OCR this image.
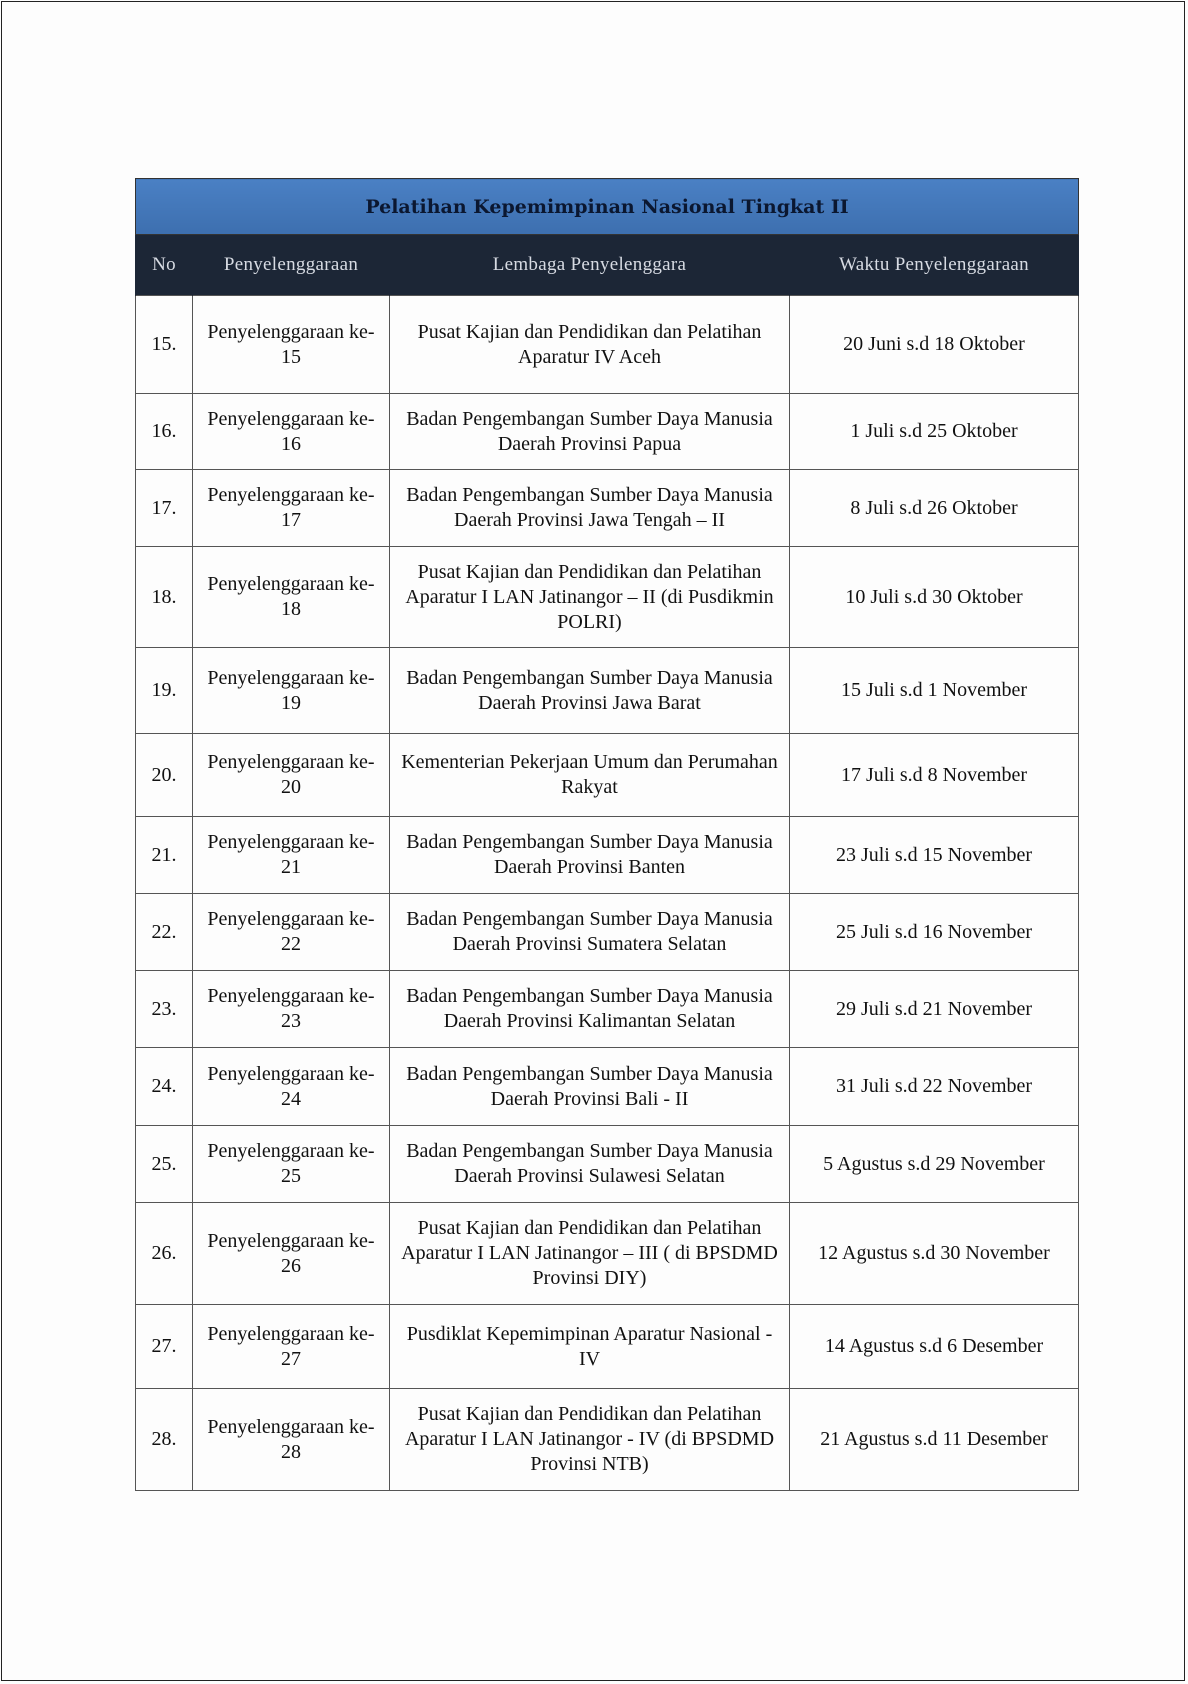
Pelatihan Kepemimpinan Nasional Tingkat II			
No	Penyelenggaraan	Lembaga Penyelenggara	Waktu Penyelenggaraan
15.	Penyelenggaraan ke-15	Pusat Kajian dan Pendidikan dan Pelatihan Aparatur IV Aceh	20 Juni s.d 18 Oktober
16.	Penyelenggaraan ke-16	Badan Pengembangan Sumber Daya Manusia Daerah Provinsi Papua	1 Juli s.d 25 Oktober
17.	Penyelenggaraan ke-17	Badan Pengembangan Sumber Daya Manusia Daerah Provinsi Jawa Tengah – II	8 Juli s.d 26 Oktober
18.	Penyelenggaraan ke-18	Pusat Kajian dan Pendidikan dan Pelatihan Aparatur I LAN Jatinangor – II (di Pusdikmin POLRI)	10 Juli s.d 30 Oktober
19.	Penyelenggaraan ke-19	Badan Pengembangan Sumber Daya Manusia Daerah Provinsi Jawa Barat	15 Juli s.d 1 November
20.	Penyelenggaraan ke-20	Kementerian Pekerjaan Umum dan Perumahan Rakyat	17 Juli s.d 8 November
21.	Penyelenggaraan ke-21	Badan Pengembangan Sumber Daya Manusia Daerah Provinsi Banten	23 Juli s.d 15 November
22.	Penyelenggaraan ke-22	Badan Pengembangan Sumber Daya Manusia Daerah Provinsi Sumatera Selatan	25 Juli s.d 16 November
23.	Penyelenggaraan ke-23	Badan Pengembangan Sumber Daya Manusia Daerah Provinsi Kalimantan Selatan	29 Juli s.d 21 November
24.	Penyelenggaraan ke-24	Badan Pengembangan Sumber Daya Manusia Daerah Provinsi Bali - II	31 Juli s.d 22 November
25.	Penyelenggaraan ke-25	Badan Pengembangan Sumber Daya Manusia Daerah Provinsi Sulawesi Selatan	5 Agustus s.d 29 November
26.	Penyelenggaraan ke-26	Pusat Kajian dan Pendidikan dan Pelatihan Aparatur I LAN Jatinangor – III ( di BPSDMD Provinsi DIY)	12 Agustus s.d 30 November
27.	Penyelenggaraan ke-27	Pusdiklat Kepemimpinan Aparatur Nasional - IV	14 Agustus s.d 6 Desember
28.	Penyelenggaraan ke-28	Pusat Kajian dan Pendidikan dan Pelatihan Aparatur I LAN Jatinangor - IV (di BPSDMD Provinsi NTB)	21 Agustus s.d 11 Desember
